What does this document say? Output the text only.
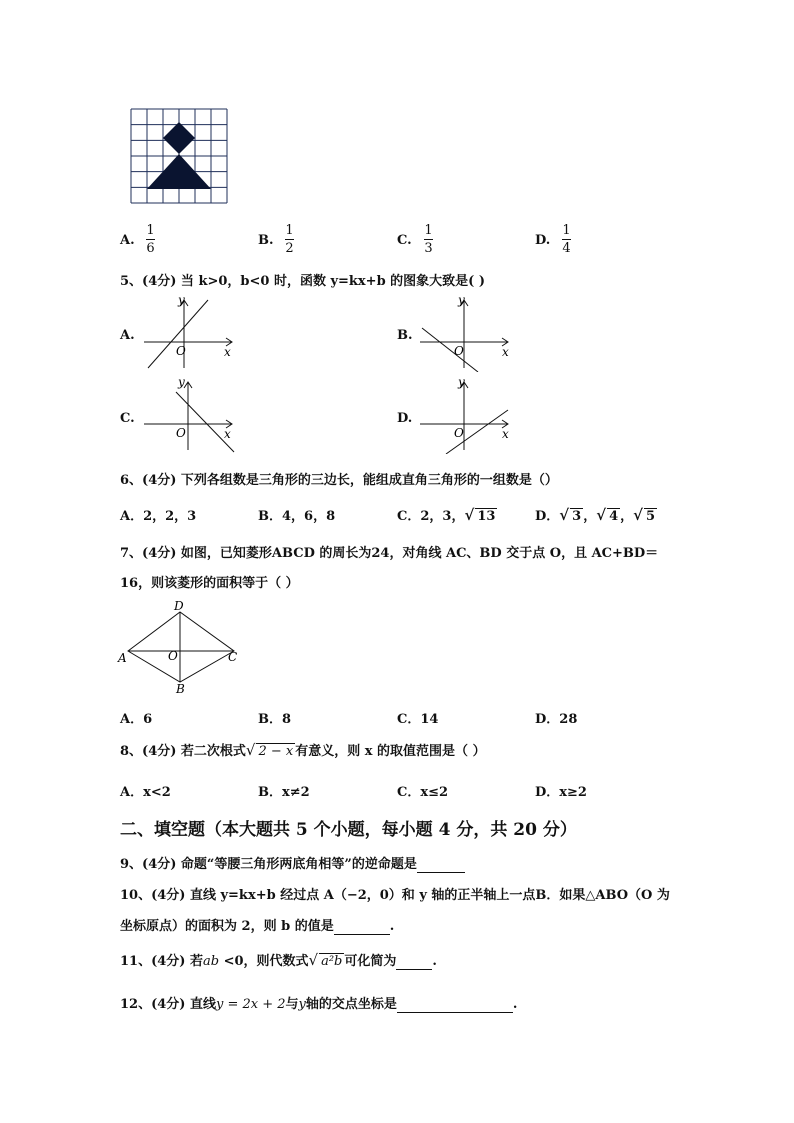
A.
1
6
B.
1
2
C.
1
3
D.
1
4
5、(4分) 当 k>0，b<0 时，函数 y=kx+b 的图象大致是( )
A.
y
x
O
B.
y
x
O
C.
y
x
O
D.
y
x
O
6、(4分) 下列各组数是三角形的三边长，能组成直角三角形的一组数是（）
A．2，2，3	B．4，6，8	C．2，3，√ 13	D．√ 3 ，√ 4 ，√ 5
7、(4分) 如图，已知菱形ABCD 的周长为24，对角线 AC、BD 交于点 O，且 AC+BD＝
16，则该菱形的面积等于（ ）
A
B
C
D
O
A．6	B．8	C．14	D．28
8、(4分) 若二次根式√ 2 − x 有意义，则 x 的取值范围是（ ）
A．x<2	B．x≠2	C．x≤2	D．x≥2
二、填空题（本大题共 5 个小题，每小题 4 分，共 20 分）
9、(4分) 命题“等腰三角形两底角相等”的逆命题是
10、(4分) 直线 y=kx+b 经过点 A（−2，0）和 y 轴的正半轴上一点B．如果△ABO（O 为
坐标原点）的面积为 2，则 b 的值是	.
11、(4分) 若ab <0，则代数式√ a²b 可化简为	.
12、(4分) 直线y = 2x + 2与y轴的交点坐标是	.
